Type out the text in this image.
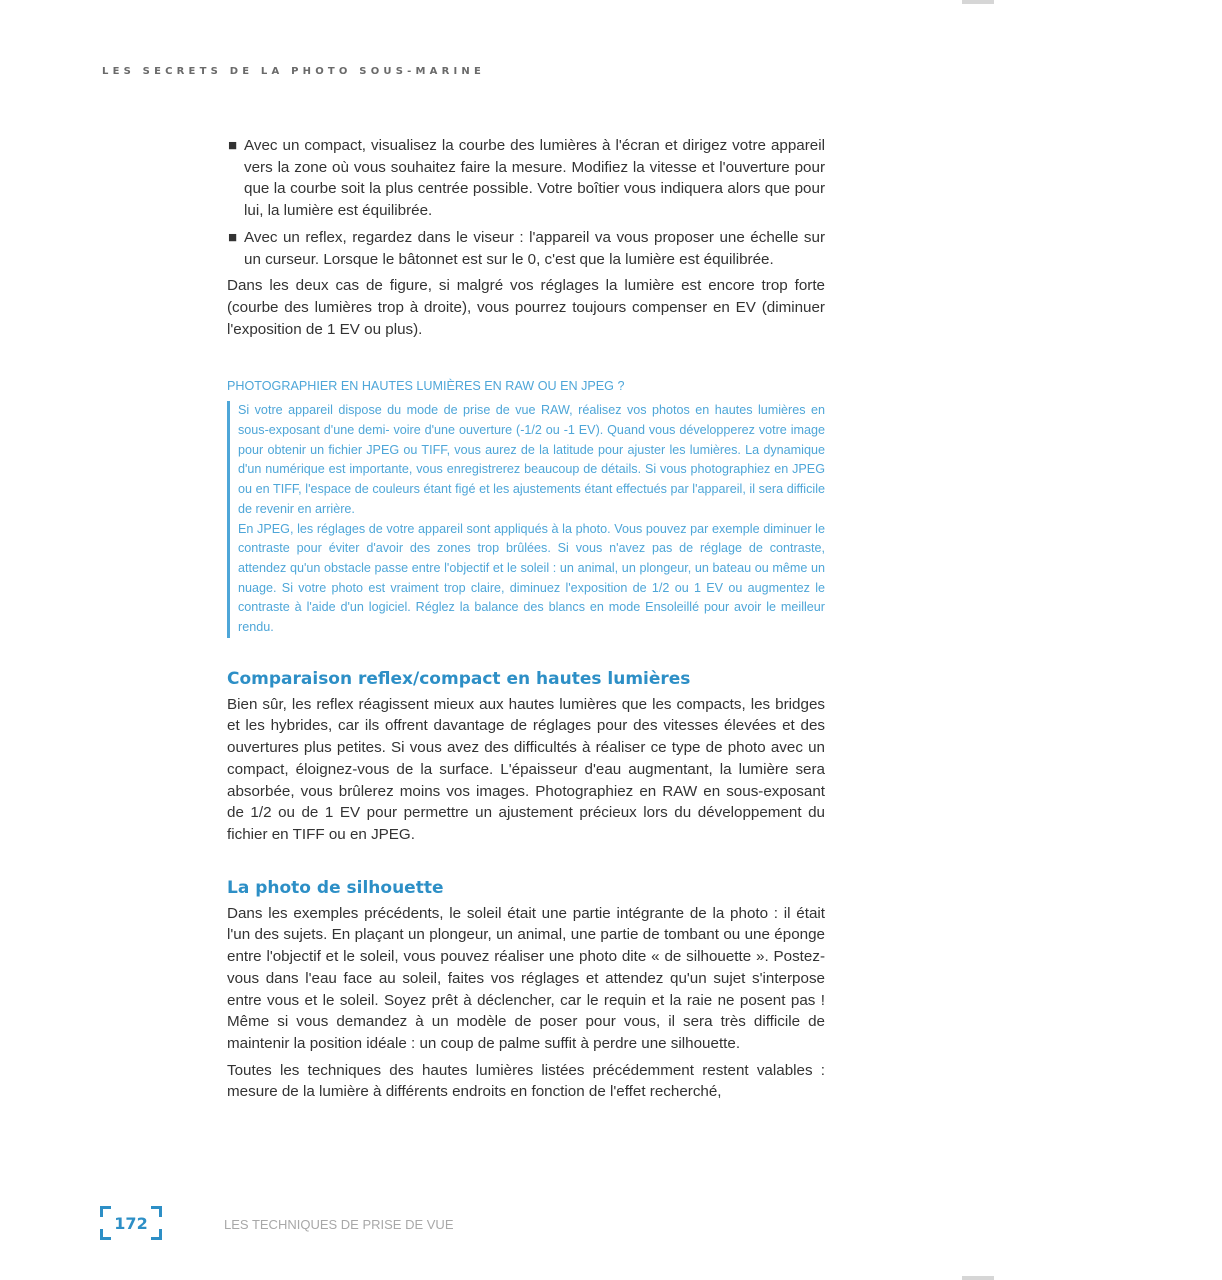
LES SECRETS DE LA PHOTO SOUS-MARINE
■ Avec un compact, visualisez la courbe des lumières à l'écran et dirigez votre appareil vers la zone où vous souhaitez faire la mesure. Modifiez la vitesse et l'ouverture pour que la courbe soit la plus centrée possible. Votre boîtier vous indiquera alors que pour lui, la lumière est équilibrée.
■ Avec un reflex, regardez dans le viseur : l'appareil va vous proposer une échelle sur un curseur. Lorsque le bâtonnet est sur le 0, c'est que la lumière est équilibrée.

Dans les deux cas de figure, si malgré vos réglages la lumière est encore trop forte (courbe des lumières trop à droite), vous pourrez toujours compenser en EV (diminuer l'exposition de 1 EV ou plus).

PHOTOGRAPHIER EN HAUTES LUMIÈRES EN RAW OU EN JPEG ?

Si votre appareil dispose du mode de prise de vue RAW, réalisez vos photos en hautes lumières en sous-exposant d'une demi- voire d'une ouverture (-1/2 ou -1 EV). Quand vous développerez votre image pour obtenir un fichier JPEG ou TIFF, vous aurez de la latitude pour ajuster les lumières. La dynamique d'un numérique est importante, vous enregistrerez beaucoup de détails. Si vous photographiez en JPEG ou en TIFF, l'espace de couleurs étant figé et les ajustements étant effectués par l'appareil, il sera difficile de revenir en arrière.

En JPEG, les réglages de votre appareil sont appliqués à la photo. Vous pouvez par exemple diminuer le contraste pour éviter d'avoir des zones trop brûlées. Si vous n'avez pas de réglage de contraste, attendez qu'un obstacle passe entre l'objectif et le soleil : un animal, un plongeur, un bateau ou même un nuage. Si votre photo est vraiment trop claire, diminuez l'exposition de 1/2 ou 1 EV ou augmentez le contraste à l'aide d'un logiciel. Réglez la balance des blancs en mode Ensoleillé pour avoir le meilleur rendu.

Comparaison reflex/compact en hautes lumières

Bien sûr, les reflex réagissent mieux aux hautes lumières que les compacts, les bridges et les hybrides, car ils offrent davantage de réglages pour des vitesses élevées et des ouvertures plus petites. Si vous avez des difficultés à réaliser ce type de photo avec un compact, éloignez-vous de la surface. L'épaisseur d'eau augmentant, la lumière sera absorbée, vous brûlerez moins vos images. Photographiez en RAW en sous-exposant de 1/2 ou de 1 EV pour permettre un ajustement précieux lors du développement du fichier en TIFF ou en JPEG.

La photo de silhouette

Dans les exemples précédents, le soleil était une partie intégrante de la photo : il était l'un des sujets. En plaçant un plongeur, un animal, une partie de tombant ou une éponge entre l'objectif et le soleil, vous pouvez réaliser une photo dite « de silhouette ». Postez-vous dans l'eau face au soleil, faites vos réglages et attendez qu'un sujet s'interpose entre vous et le soleil. Soyez prêt à déclencher, car le requin et la raie ne posent pas ! Même si vous demandez à un modèle de poser pour vous, il sera très difficile de maintenir la position idéale : un coup de palme suffit à perdre une silhouette.

Toutes les techniques des hautes lumières listées précédemment restent valables : mesure de la lumière à différents endroits en fonction de l'effet recherché,

172	LES TECHNIQUES DE PRISE DE VUE
